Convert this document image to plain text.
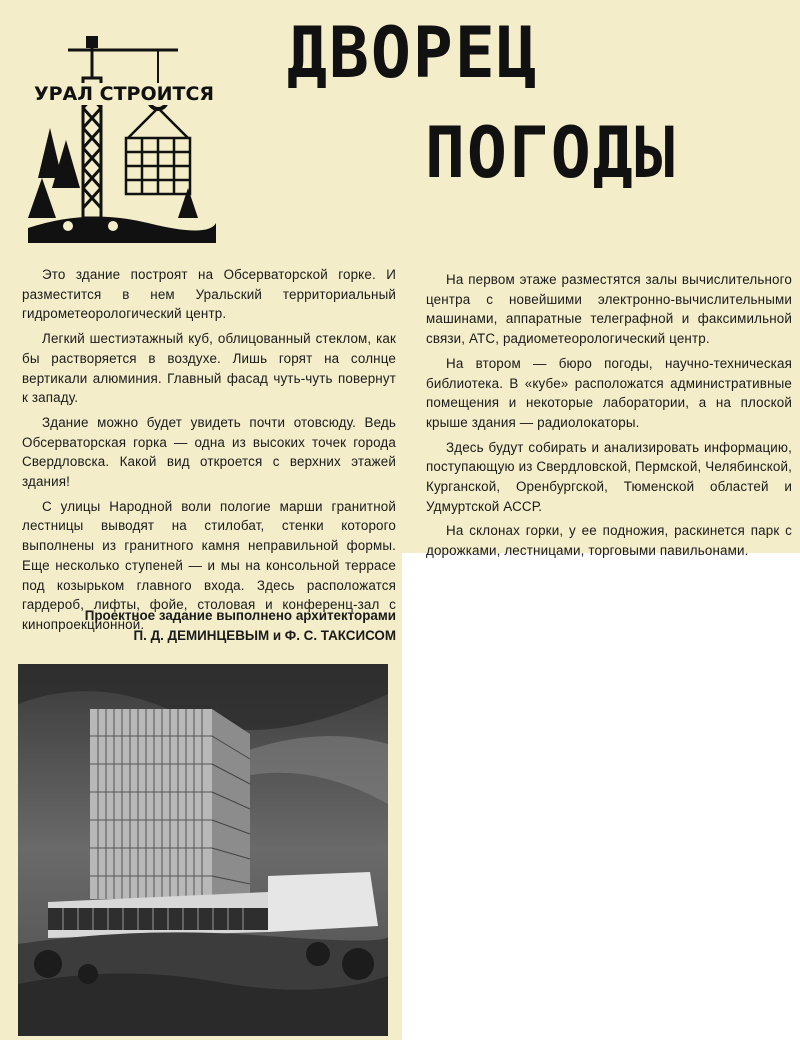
УРАЛ СТРОИТСЯ ДВОРЕЦ
ПОГОДЫ

Это здание построят на Обсерваторской горке. И разместится в нем Уральский территориальный гидрометеорологический центр.

Легкий шестиэтажный куб, облицованный стеклом, как бы растворяется в воздухе. Лишь горят на солнце вертикали алюминия. Главный фасад чуть-чуть повернут к западу.

Здание можно будет увидеть почти отовсюду. Ведь Обсерваторская горка — одна из высоких точек города Свердловска. Какой вид откроется с верхних этажей здания!

С улицы Народной воли пологие марши гранитной лестницы выводят на стилобат, стенки которого выполнены из гранитного камня неправильной формы. Еще несколько ступеней — и мы на консольной террасе под козырьком главного входа. Здесь расположатся гардероб, лифты, фойе, столовая и конференц-зал с кинопроекционной.

Проектное задание выполнено архитекторами
П. Д. ДЕМИНЦЕВЫМ и Ф. С. ТАКСИСОМ

На первом этаже разместятся залы вычислительного центра с новейшими электронно-вычислительными машинами, аппаратные телеграфной и факсимильной связи, АТС, радиометеорологический центр.

На втором — бюро погоды, научно-техническая библиотека. В «кубе» расположатся административные помещения и некоторые лаборатории, а на плоской крыше здания — радиолокаторы.

Здесь будут собирать и анализировать информацию, поступающую из Свердловской, Пермской, Челябинской, Курганской, Оренбургской, Тюменской областей и Удмуртской АССР.

На склонах горки, у ее подножия, раскинется парк с дорожками, лестницами, торговыми павильонами.
